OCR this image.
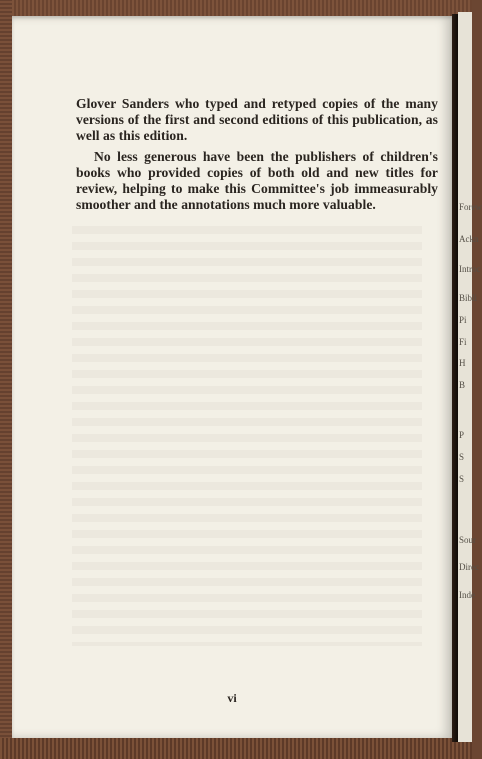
Glover Sanders who typed and retyped copies of the many versions of the first and second editions of this publication, as well as this edition.

No less generous have been the publishers of children's books who provided copies of both old and new titles for review, helping to make this Committee's job immeasurably smoother and the annotations much more valuable.

vi
Forew
Ackn
Introc
Bibli
Pi
Fi
H
B
P
S
S
Sour
Direc
Inde
